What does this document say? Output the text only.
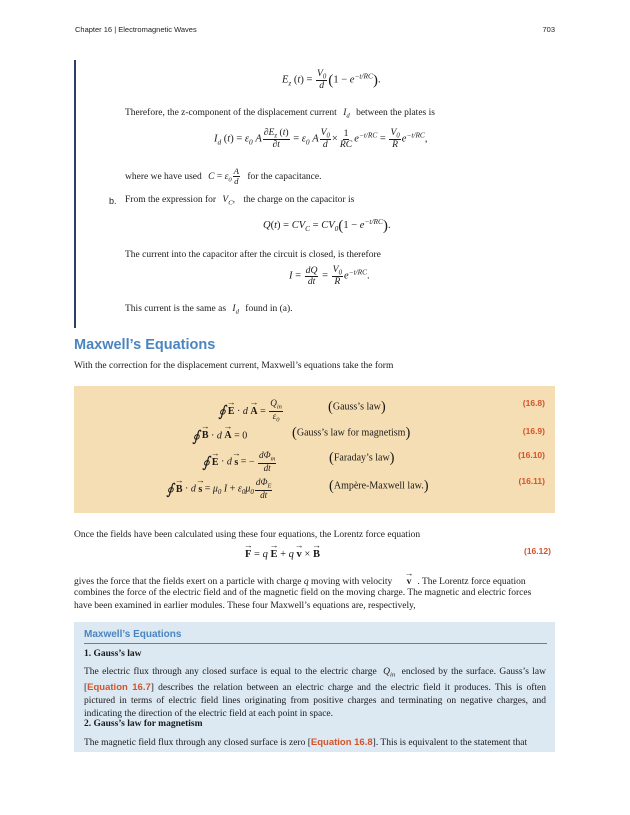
Chapter 16 | Electromagnetic Waves	703
$E_z$ $(t) = \frac{V_0}{d} (1 - e^{-t/RC})$.
Therefore, the z-component of the displacement current $I_d$ between the plates is
$I_d$ $(t) = \varepsilon_0$ A $\frac{\partial E_z (t)}{\partial t} = \varepsilon_0$ A $\frac{V_0}{d} \times \frac{1}{RC} e^{-t/RC} = \frac{V_0}{R} e^{-t/RC}$,
where we have used $C = \varepsilon_0 \frac{A}{d}$ for the capacitance.
b. From the expression for $V_C$, the charge on the capacitor is
$Q(t) = CV_C = CV_0(1 - e^{-t/RC})$.
The current into the capacitor after the circuit is closed, is therefore
$I = \frac{dQ}{dt} = \frac{V_0}{R} e^{-t/RC}$.
This current is the same as $I_d$ found in (a).
Maxwell’s Equations
With the correction for the displacement current, Maxwell’s equations take the form
∮ → $E \cdot d \to A = \frac{Q_{in}}{\varepsilon_0}$	(Gauss’s law)	(16.8)
∮ → B · d → A = 0	(Gauss’s law for magnetism)	(16.9)
∮ → E · d → s = − $\frac{d\Phi_m}{dt}$	(Faraday’s law)	(16.10)
∮ → $B \cdot d \to s = \mu_0$ $I + \varepsilon_0\mu_0 \frac{d\Phi_E}{dt}$	(Ampère-Maxwell law.)	(16.11)
Once the fields have been calculated using these four equations, the Lorentz force equation
→ F = q → E + q → v × → B	(16.12)
gives the force that the fields exert on a particle with charge q moving with velocity → v . The Lorentz force equation
combines the force of the electric field and of the magnetic field on the moving charge. The magnetic and electric forces
have been examined in earlier modules. These four Maxwell’s equations are, respectively,
Maxwell’s Equations
1. Gauss’s law
The electric flux through any closed surface is equal to the electric charge $Q_{in}$ enclosed by the surface. Gauss’s law [Equation 16.7] describes the relation between an electric charge and the electric field it produces. This is often pictured in terms of electric field lines originating from positive charges and terminating on negative charges, and indicating the direction of the electric field at each point in space.
2. Gauss’s law for magnetism
The magnetic field flux through any closed surface is zero [Equation 16.8]. This is equivalent to the statement that
